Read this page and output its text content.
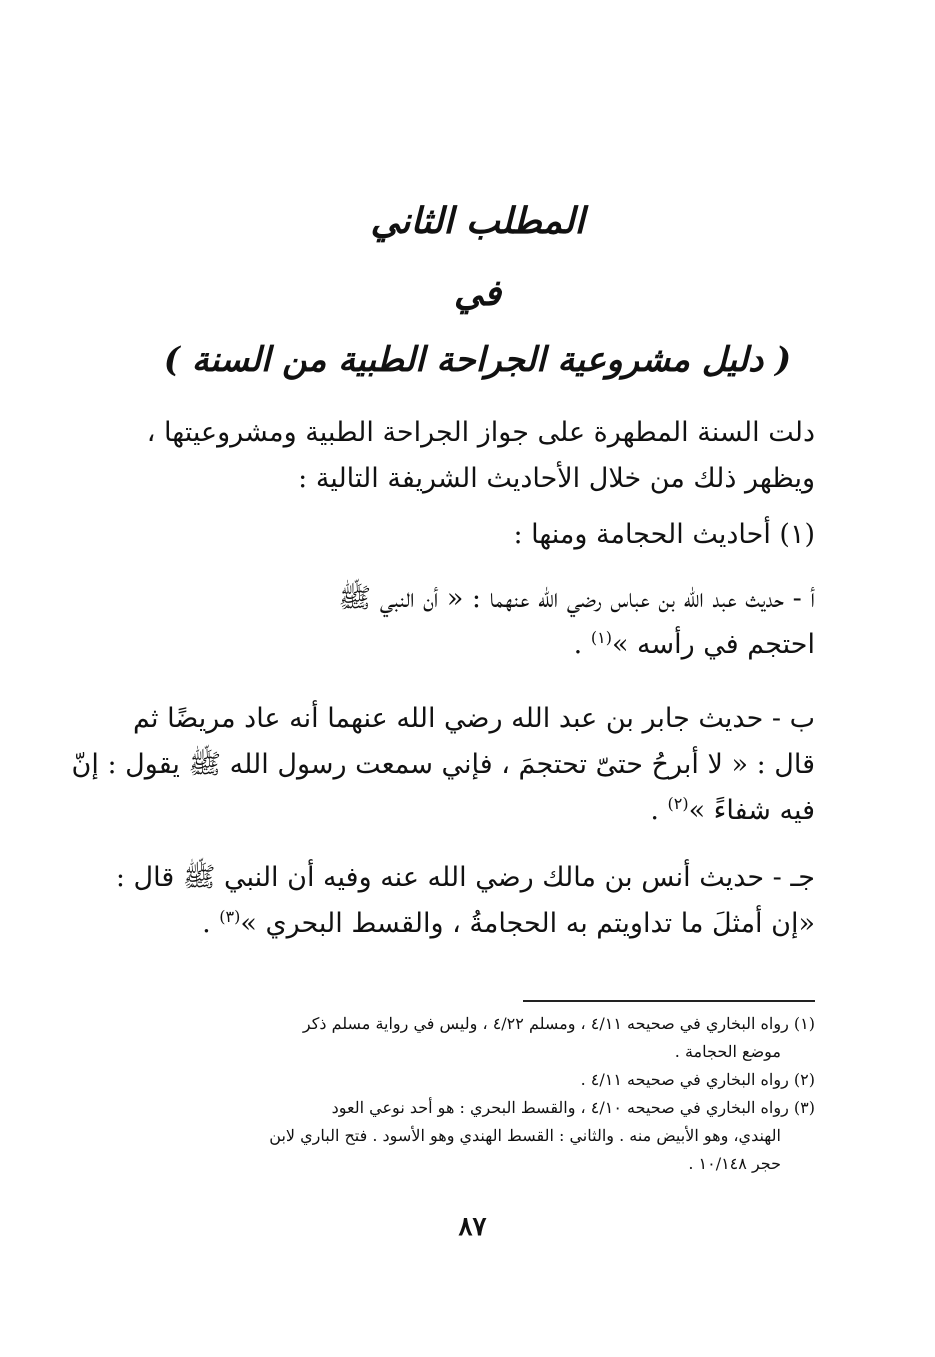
المطلب الثاني
في
( دليل مشروعية الجراحة الطبية من السنة )
دلت السنة المطهرة على جواز الجراحة الطبية ومشروعيتها ،
ويظهر ذلك من خلال الأحاديث الشريفة التالية :
(١) أحاديث الحجامة ومنها :
أ - حديث عبد الله بن عباس رضي الله عنهما : « أن النبي ﷺ
احتجم في رأسه »$^{(١)}$ .
ب - حديث جابر بن عبد الله رضي الله عنهما أنه عاد مريضًا ثم
قال : « لا أبرحُ حتىّ تحتجمَ ، فإني سمعت رسول الله ﷺ يقول : إنّ
فيه شفاءً »$^{(٢)}$ .
جـ - حديث أنس بن مالك رضي الله عنه وفيه أن النبي ﷺ قال :
«إن أمثلَ ما تداويتم به الحجامةُ ، والقسط البحري »$^{(٣)}$ .
(١) رواه البخاري في صحيحه ٤/١١ ، ومسلم ٤/٢٢ ، وليس في رواية مسلم ذكر
موضع الحجامة .
(٢) رواه البخاري في صحيحه ٤/١١ .
(٣) رواه البخاري في صحيحه ٤/١٠ ، والقسط البحري : هو أحد نوعي العود
الهندي، وهو الأبيض منه . والثاني : القسط الهندي وهو الأسود . فتح الباري لابن
حجر ١٠/١٤٨ .
٨٧
